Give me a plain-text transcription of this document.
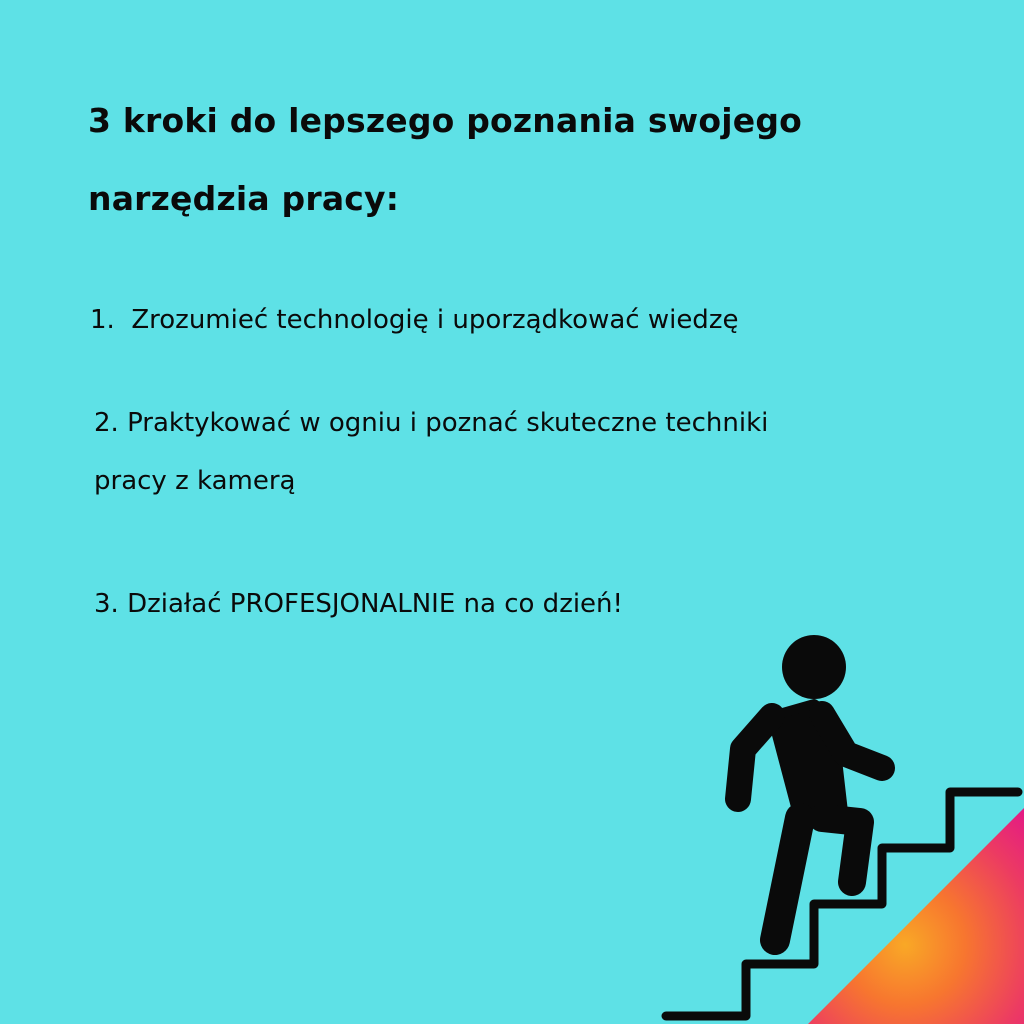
3 kroki do lepszego poznania swojego
narzędzia pracy:

1. Zrozumieć technologię i uporządkować wiedzę

2. Praktykować w ogniu i poznać skuteczne techniki
pracy z kamerą

3. Działać PROFESJONALNIE na co dzień!
